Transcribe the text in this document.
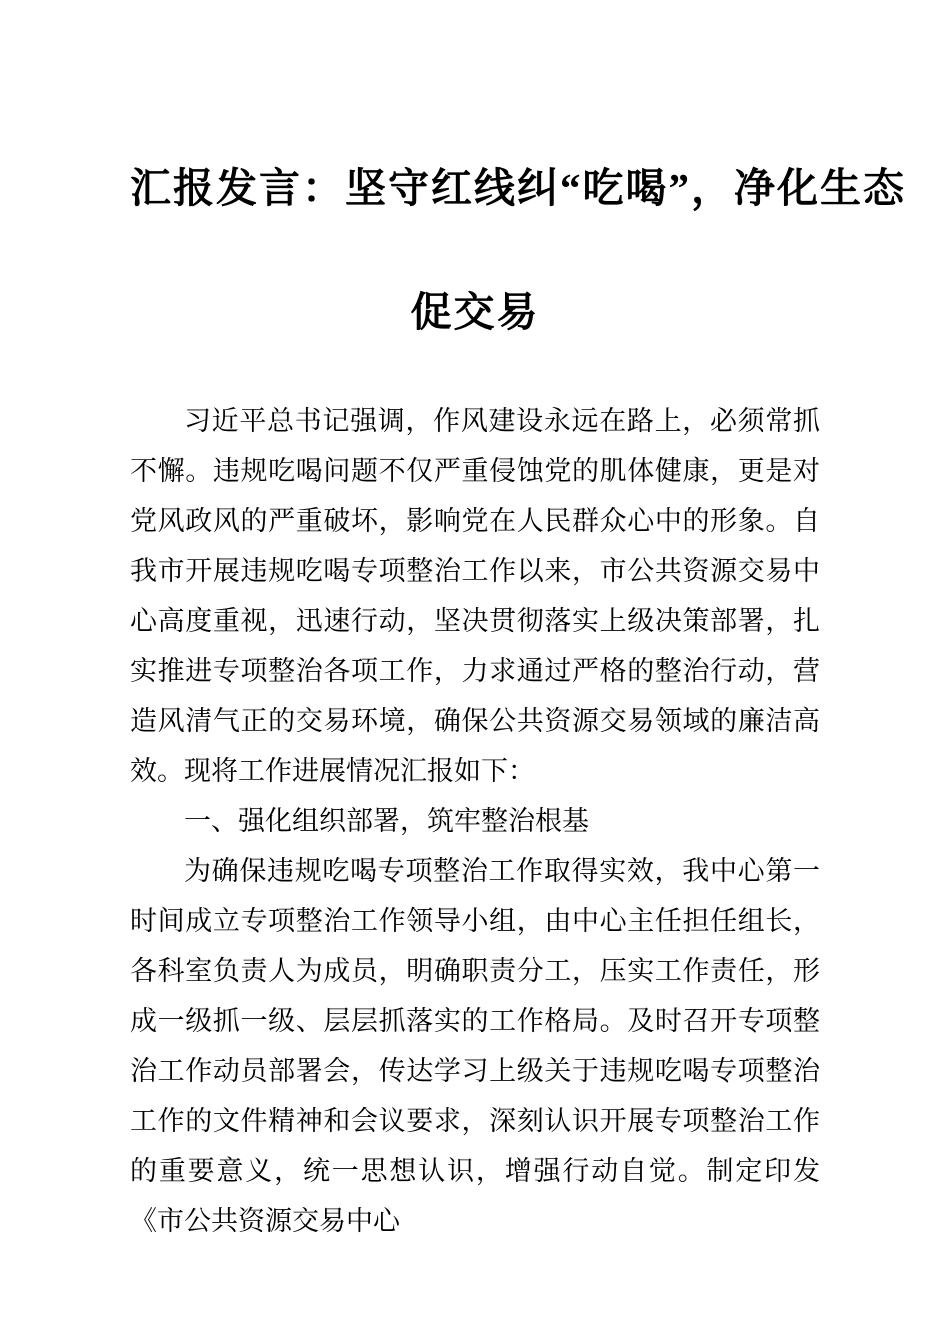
汇报发言：坚守红线纠“吃喝”，净化生态
促交易
习近平总书记强调，作风建设永远在路上，必须常抓不懈。违规吃喝问题不仅严重侵蚀党的肌体健康，更是对党风政风的严重破坏，影响党在人民群众心中的形象。自我市开展违规吃喝专项整治工作以来，市公共资源交易中心高度重视，迅速行动，坚决贯彻落实上级决策部署，扎实推进专项整治各项工作，力求通过严格的整治行动，营造风清气正的交易环境，确保公共资源交易领域的廉洁高效。现将工作进展情况汇报如下：
一、强化组织部署，筑牢整治根基
为确保违规吃喝专项整治工作取得实效，我中心第一时间成立专项整治工作领导小组，由中心主任担任组长，各科室负责人为成员，明确职责分工，压实工作责任，形成一级抓一级、层层抓落实的工作格局。及时召开专项整治工作动员部署会，传达学习上级关于违规吃喝专项整治工作的文件精神和会议要求，深刻认识开展专项整治工作的重要意义，统一思想认识，增强行动自觉。制定印发《市公共资源交易中心
